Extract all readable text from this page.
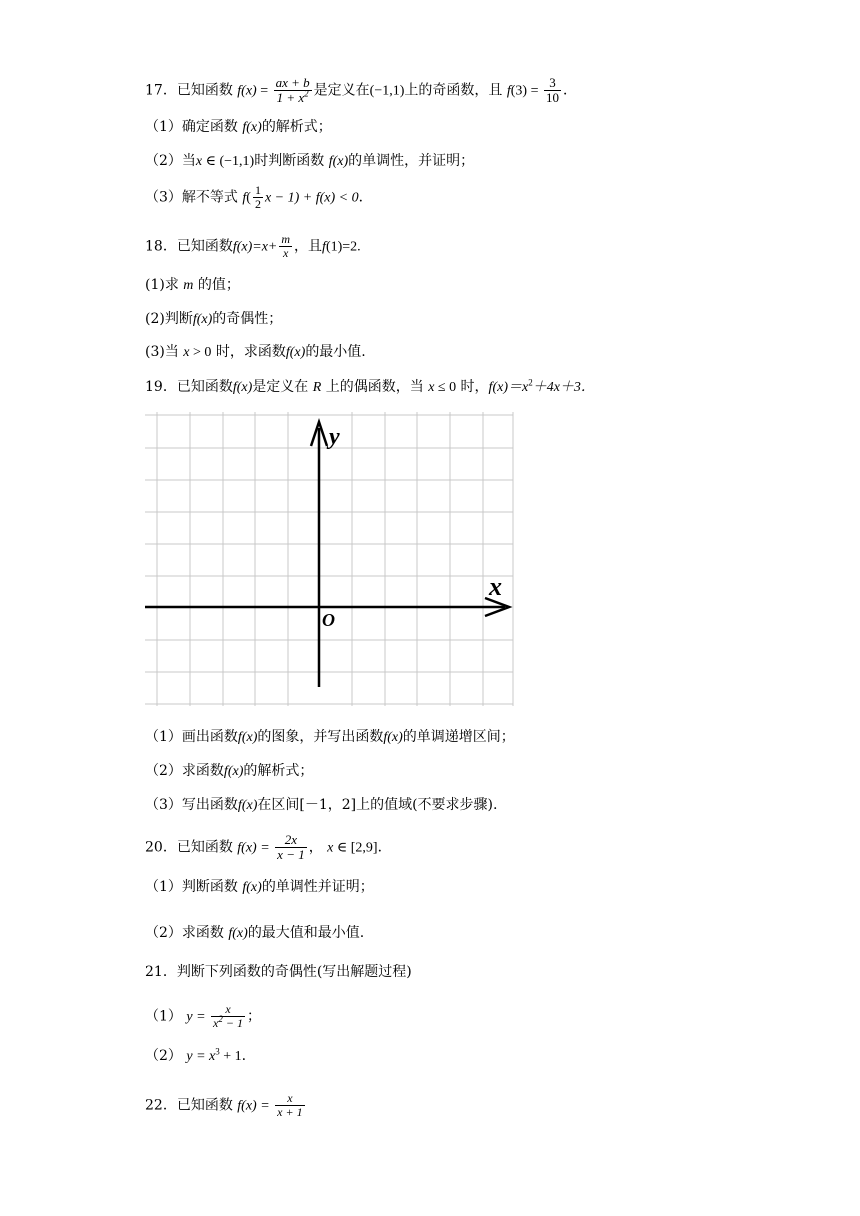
17．已知函数 $f(x) = \frac{ax + b}{1 + x^2}$ 是定义在(−1,1)上的奇函数，且 $f(3) = \frac{3}{10}$ ．
（1）确定函数 f(x)的解析式；
（2）当x ∈ (−1,1)时判断函数 f(x)的单调性，并证明；
（3）解不等式 $f( \frac{1}{2}$ x − 1) + f(x) < 0．
18．已知函数$f(x)=x+ \frac{m}{x}$ ，且f(1)=2.
(1)求 m 的值；
(2)判断f(x)的奇偶性；
(3)当 x > 0 时，求函数f(x)的最小值.
19．已知函数f(x)是定义在 R 上的偶函数，当 x ≤ 0 时，$f(x)=x^2+4x+3$．
y
x
O
（1）画出函数f(x)的图象，并写出函数f(x)的单调递增区间；
（2）求函数f(x)的解析式；
（3）写出函数f(x)在区间[－1，2]上的值域(不要求步骤).
20．已知函数 $f(x) = \frac{2x}{x - 1}$ ， x ∈ [2,9]．
（1）判断函数 f(x)的单调性并证明；
（2）求函数 f(x)的最大值和最小值.
21．判断下列函数的奇偶性(写出解题过程)
（1） $y = \frac{x}{x^2 - 1}$ ；
（2） $y = x^3 + 1$.
22．已知函数 $f(x) = \frac{x}{x + 1}$
